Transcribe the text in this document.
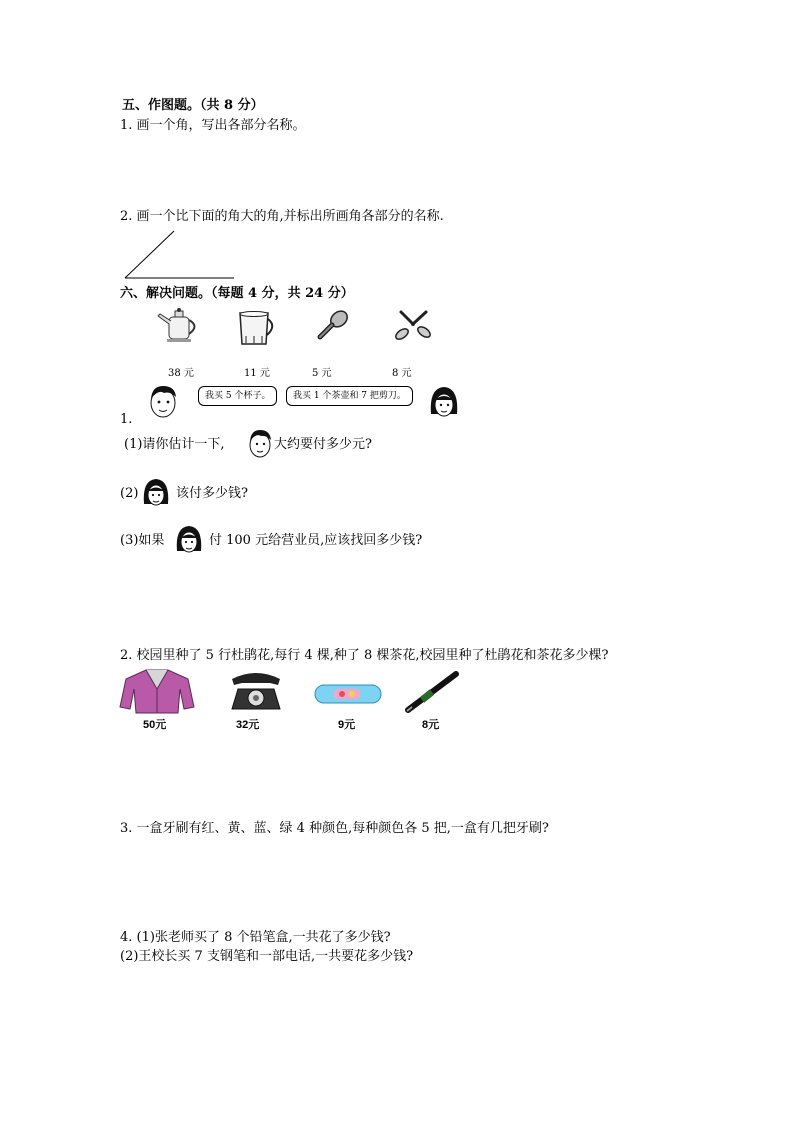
五、作图题。（共 8 分）
1. 画一个角，写出各部分名称。
2. 画一个比下面的角大的角,并标出所画角各部分的名称.
六、解决问题。（每题 4 分，共 24 分）
38 元	11 元	5 元	8 元
我买 5 个杯子。	我买 1 个茶壶和 7 把剪刀。
1.
(1)请你估计一下,	大约要付多少元?
(2)	该付多少钱?
(3)如果	付 100 元给营业员,应该找回多少钱?
2. 校园里种了 5 行杜鹃花,每行 4 棵,种了 8 棵茶花,校园里种了杜鹃花和茶花多少棵?
50元	32元	9元	8元
3. 一盒牙刷有红、黄、蓝、绿 4 种颜色,每种颜色各 5 把,一盒有几把牙刷?
4. (1)张老师买了 8 个铅笔盒,一共花了多少钱?
(2)王校长买 7 支钢笔和一部电话,一共要花多少钱?
